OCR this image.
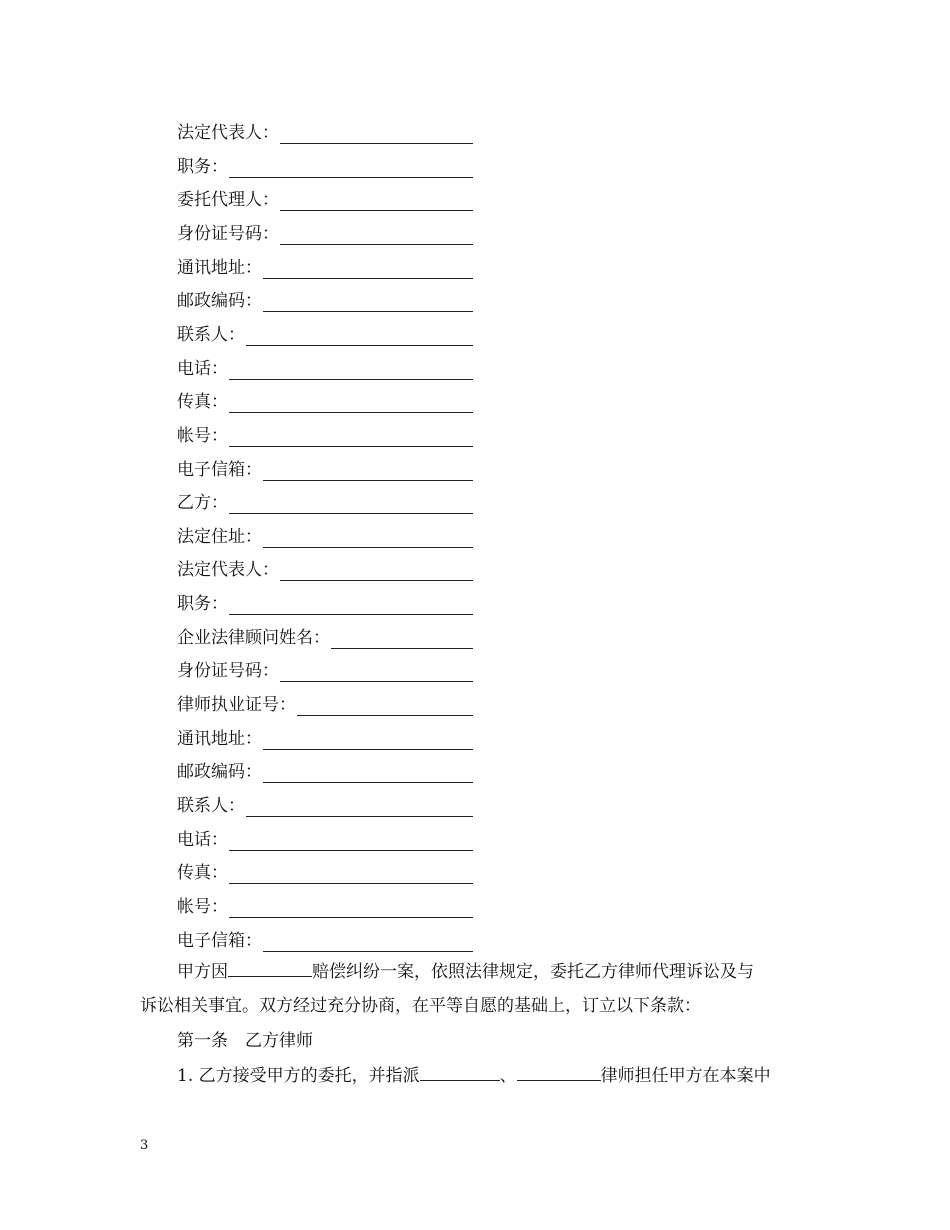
法定代表人：
职务：
委托代理人：
身份证号码：
通讯地址：
邮政编码：
联系人：
电话：
传真：
帐号：
电子信箱：
乙方：
法定住址：
法定代表人：
职务：
企业法律顾问姓名：
身份证号码：
律师执业证号：
通讯地址：
邮政编码：
联系人：
电话：
传真：
帐号：
电子信箱：
甲方因	赔偿纠纷一案，依照法律规定，委托乙方律师代理诉讼及与
诉讼相关事宜。双方经过充分协商，在平等自愿的基础上，订立以下条款：
第一条　乙方律师
1. 乙方接受甲方的委托，并指派	、	律师担任甲方在本案中
3
